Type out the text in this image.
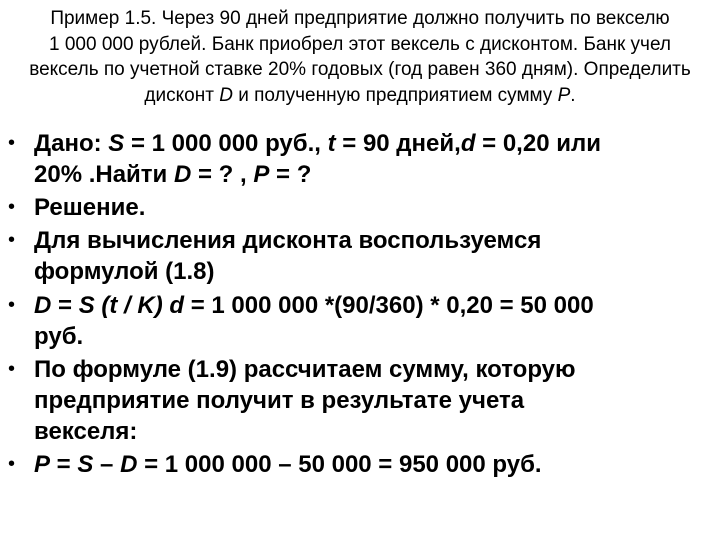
Пример 1.5. Через 90 дней предприятие должно получить по векселю
1 000 000 рублей. Банк приобрел этот вексель с дисконтом. Банк учел
вексель по учетной ставке 20% годовых (год равен 360 дням). Определить
дисконт D и полученную предприятием сумму P.
• Дано: S = 1 000 000 руб., t = 90 дней,d = 0,20 или
20% .Найти D = ? , P = ?
• Решение.
• Для вычисления дисконта воспользуемся
формулой (1.8)
• D = S (t / K) d = 1 000 000 *(90/360) * 0,20 = 50 000
руб.
• По формуле (1.9) рассчитаем сумму, которую
предприятие получит в результате учета
векселя:
• P = S – D = 1 000 000 – 50 000 = 950 000 руб.
